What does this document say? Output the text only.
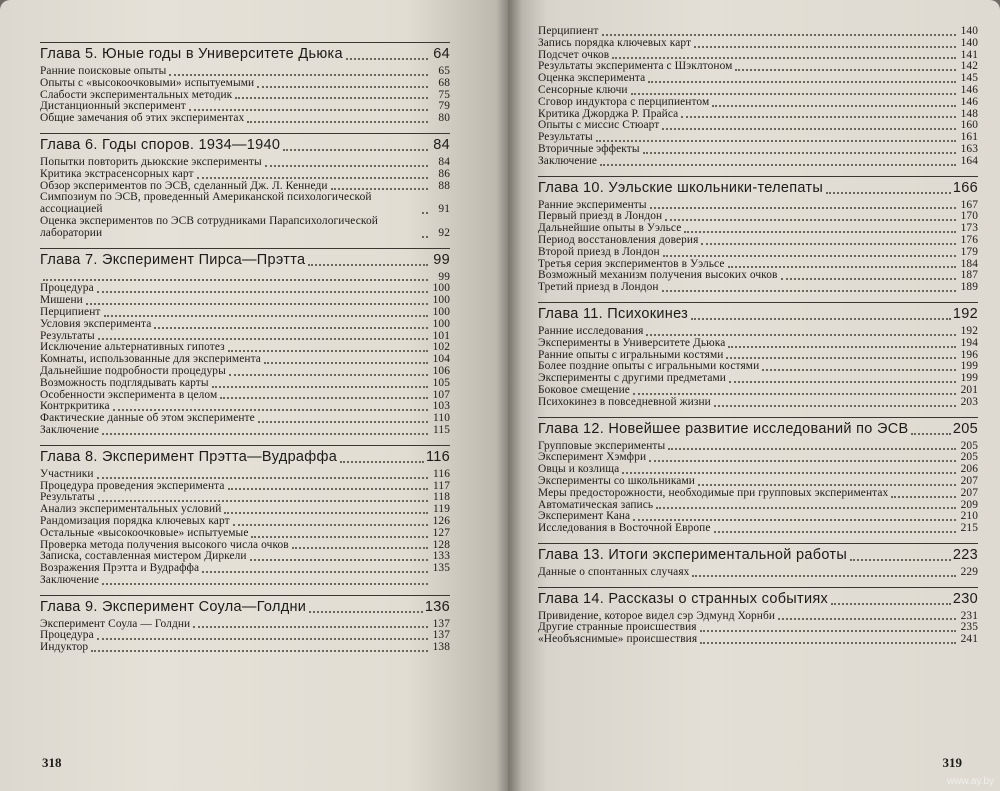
Глава 5. Юные годы в Университете Дьюка	64
Ранние поисковые опыты	65
Опыты с «высокоочковыми» испытуемыми	68
Слабости экспериментальных методик	75
Дистанционный эксперимент	79
Общие замечания об этих экспериментах	80
Глава 6. Годы споров. 1934—1940	84
Попытки повторить дьюкские эксперименты	84
Критика экстрасенсорных карт	86
Обзор экспериментов по ЭСВ, сделанный Дж. Л. Кеннеди	88
Симпозиум по ЭСВ, проведенный Американской психологической ассоциацией	91
Оценка экспериментов по ЭСВ сотрудниками Парапсихологической лаборатории	92
Глава 7. Эксперимент Пирса—Прэтта	99
99
Процедура	100
Мишени	100
Перципиент	100
Условия эксперимента	100
Результаты	101
Исключение альтернативных гипотез	102
Комнаты, использованные для эксперимента	104
Дальнейшие подробности процедуры	106
Возможность подглядывать карты	105
Особенности эксперимента в целом	107
Контркритика	103
Фактические данные об этом эксперименте	110
Заключение	115
Глава 8. Эксперимент Прэтта—Вудраффа	116
Участники	116
Процедура проведения эксперимента	117
Результаты	118
Анализ экспериментальных условий	119
Рандомизация порядка ключевых карт	126
Остальные «высокоочковые» испытуемые	127
Проверка метода получения высокого числа очков	128
Записка, составленная мистером Диркели	133
Возражения Прэтта и Вудраффа	135
Заключение
Глава 9. Эксперимент Соула—Голдни	136
Эксперимент Соула — Голдни	137
Процедура	137
Индуктор	138
318
Перципиент	140
Запись порядка ключевых карт	140
Подсчет очков	141
Результаты эксперимента с Шэклтоном	142
Оценка эксперимента	145
Сенсорные ключи	146
Сговор индуктора с перципиентом	146
Критика Джорджа Р. Прайса	148
Опыты с миссис Стюарт	160
Результаты	161
Вторичные эффекты	163
Заключение	164
Глава 10. Уэльские школьники-телепаты	166
Ранние эксперименты	167
Первый приезд в Лондон	170
Дальнейшие опыты в Уэльсе	173
Период восстановления доверия	176
Второй приезд в Лондон	179
Третья серия экспериментов в Уэльсе	184
Возможный механизм получения высоких очков	187
Третий приезд в Лондон	189
Глава 11. Психокинез	192
Ранние исследования	192
Эксперименты в Университете Дьюка	194
Ранние опыты с игральными костями	196
Более поздние опыты с игральными костями	199
Эксперименты с другими предметами	199
Боковое смещение	201
Психокинез в повседневной жизни	203
Глава 12. Новейшее развитие исследований по ЭСВ	205
Групповые эксперименты	205
Эксперимент Хэмфри	205
Овцы и козлища	206
Эксперименты со школьниками	207
Меры предосторожности, необходимые при групповых экспериментах	207
Автоматическая запись	209
Эксперимент Кана	210
Исследования в Восточной Европе	215
Глава 13. Итоги экспериментальной работы	223
Данные о спонтанных случаях	229
Глава 14. Рассказы о странных событиях	230
Привидение, которое видел сэр Эдмунд Хорнби	231
Другие странные происшествия	235
«Необъяснимые» происшествия	241
319
www.ay.by
